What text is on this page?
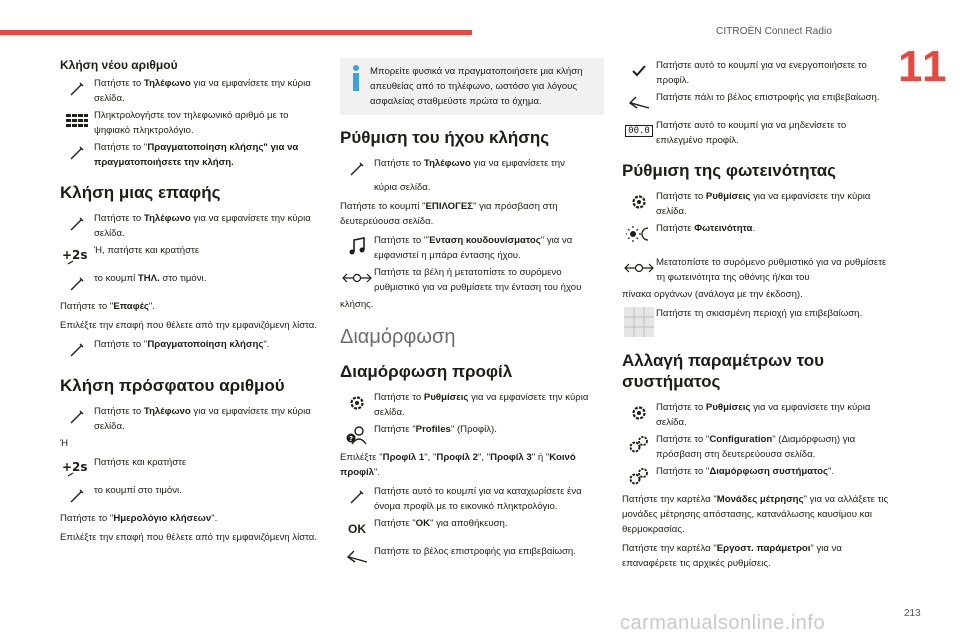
CITROËN Connect Radio
11
Κλήση νέου αριθμού
Πατήστε το Τηλέφωνο για να εμφανίσετε την κύρια σελίδα.
Πληκτρολογήστε τον τηλεφωνικό αριθμό με το ψηφιακό πληκτρολόγιο.
Πατήστε το "Πραγματοποίηση κλήσης" για να πραγματοποιήσετε την κλήση.
Κλήση μιας επαφής
Πατήστε το Τηλέφωνο για να εμφανίσετε την κύρια σελίδα.
+2s Ή, πατήστε και κρατήστε
το κουμπί ΤΗΛ. στο τιμόνι.
Πατήστε το "Επαφές".
Επιλέξτε την επαφή που θέλετε από την εμφανιζόμενη λίστα.
Πατήστε το "Πραγματοποίηση κλήσης".
Κλήση πρόσφατου αριθμού
Πατήστε το Τηλέφωνο για να εμφανίσετε την κύρια σελίδα.
Ή
+2s Πατήστε και κρατήστε
το κουμπί στο τιμόνι.
Πατήστε το "Ημερολόγιο κλήσεων".
Επιλέξτε την επαφή που θέλετε από την εμφανιζόμενη λίστα.
Μπορείτε φυσικά να πραγματοποιήσετε μια κλήση απευθείας από το τηλέφωνο, ωστόσο για λόγους ασφαλείας σταθμεύστε πρώτα το όχημα.
Ρύθμιση του ήχου κλήσης
Πατήστε το Τηλέφωνο για να εμφανίσετε την
κύρια σελίδα.
Πατήστε το κουμπί "ΕΠΙΛΟΓΕΣ" για πρόσβαση στη δευτερεύουσα σελίδα.
Πατήστε το "Ένταση κουδουνίσματος" για να εμφανιστεί η μπάρα έντασης ήχου.
Πατήστε τα βέλη ή μετατοπίστε το συρόμενο ρυθμιστικό για να ρυθμίσετε την ένταση του ήχου
κλήσης.
Διαμόρφωση
Διαμόρφωση προφίλ
Πατήστε το Ρυθμίσεις για να εμφανίσετε την κύρια σελίδα.
?
Πατήστε "Profiles" (Προφίλ).
Επιλέξτε "Προφίλ 1", "Προφίλ 2", "Προφίλ 3" ή "Κοινό προφίλ".
Πατήστε αυτό το κουμπί για να καταχωρίσετε ένα όνομα προφίλ με το εικονικό πληκτρολόγιο.
OK Πατήστε "OK" για αποθήκευση.
Πατήστε το βέλος επιστροφής για επιβεβαίωση.
Πατήστε αυτό το κουμπί για να ενεργοποιήσετε το προφίλ.
Πατήστε πάλι το βέλος επιστροφής για επιβεβαίωση.
00.0 Πατήστε αυτό το κουμπί για να μηδενίσετε το επιλεγμένο προφίλ.
Ρύθμιση της φωτεινότητας
Πατήστε το Ρυθμίσεις για να εμφανίσετε την κύρια σελίδα.
Πατήστε Φωτεινότητα.
Μετατοπίστε το συρόμενο ρυθμιστικό για να ρυθμίσετε τη φωτεινότητα της οθόνης ή/και του
πίνακα οργάνων (ανάλογα με την έκδοση).
Πατήστε τη σκιασμένη περιοχή για επιβεβαίωση.
Αλλαγή παραμέτρων του συστήματος
Πατήστε το Ρυθμίσεις για να εμφανίσετε την κύρια σελίδα.
Πατήστε το "Configuration" (Διαμόρφωση) για πρόσβαση στη δευτερεύουσα σελίδα.
Πατήστε το "Διαμόρφωση συστήματος".
Πατήστε την καρτέλα "Μονάδες μέτρησης" για να αλλάξετε τις μονάδες μέτρησης απόστασης, κατανάλωσης καυσίμου και θερμοκρασίας.
Πατήστε την καρτέλα "Εργοστ. παράμετροι" για να επαναφέρετε τις αρχικές ρυθμίσεις.
carmanualsonline.info	213
